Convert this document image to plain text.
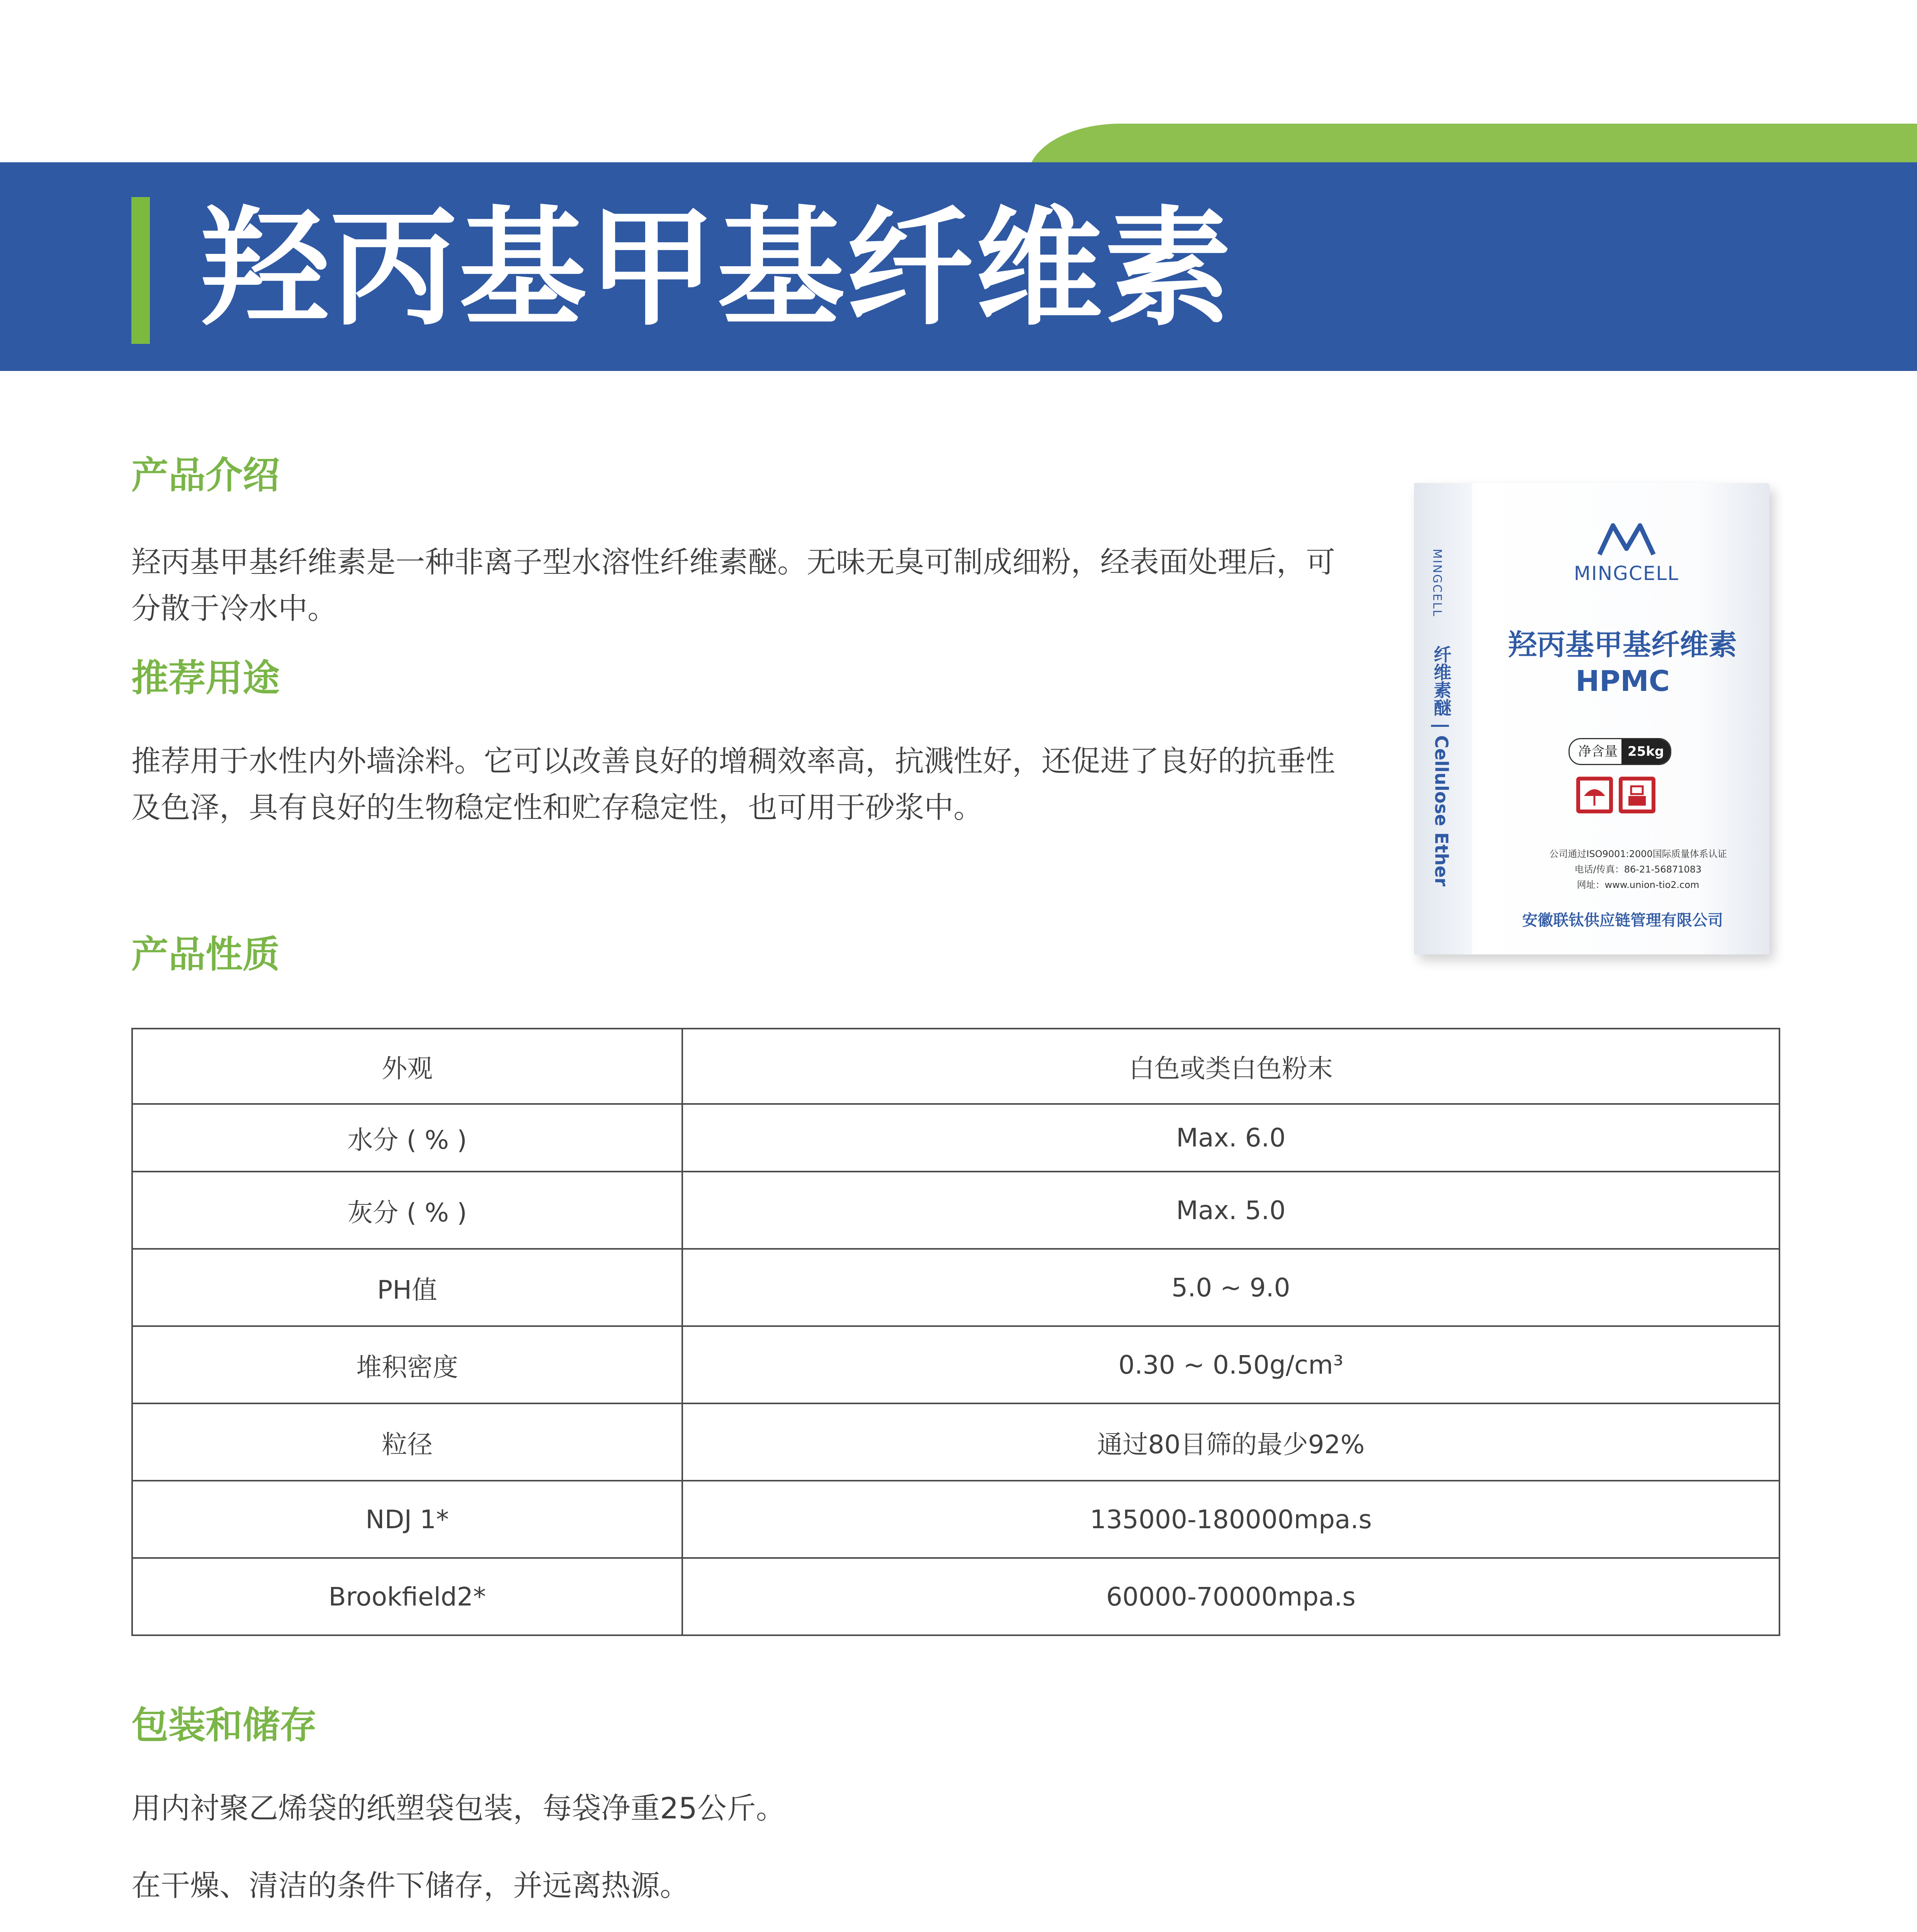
羟丙基甲基纤维素
产品介绍
羟丙基甲基纤维素是一种非离子型水溶性纤维素醚。无味无臭可制成细粉，经表面处理后，可分散于冷水中。
推荐用途
推荐用于水性内外墙涂料。它可以改善良好的增稠效率高，抗溅性好，还促进了良好的抗垂性及色泽，具有良好的生物稳定性和贮存稳定性，也可用于砂浆中。
MINGCELL
纤维素醚 | Cellulose Ether
MINGCELL
羟丙基甲基纤维素
HPMC
净含量 25kg
公司通过ISO9001:2000国际质量体系认证
电话/传真：86-21-56871083
网址：www.union-tio2.com
安徽联钛供应链管理有限公司
产品性质
外观	白色或类白色粉末
水分 ( % )	Max. 6.0
灰分 ( % )	Max. 5.0
PH值	5.0 ~ 9.0
堆积密度	0.30 ~ 0.50g/cm³
粒径	通过80目筛的最少92%
NDJ 1*	135000-180000mpa.s
Brookfield2*	60000-70000mpa.s
包装和储存
用内衬聚乙烯袋的纸塑袋包装，每袋净重25公斤。
在干燥、清洁的条件下储存，并远离热源。
